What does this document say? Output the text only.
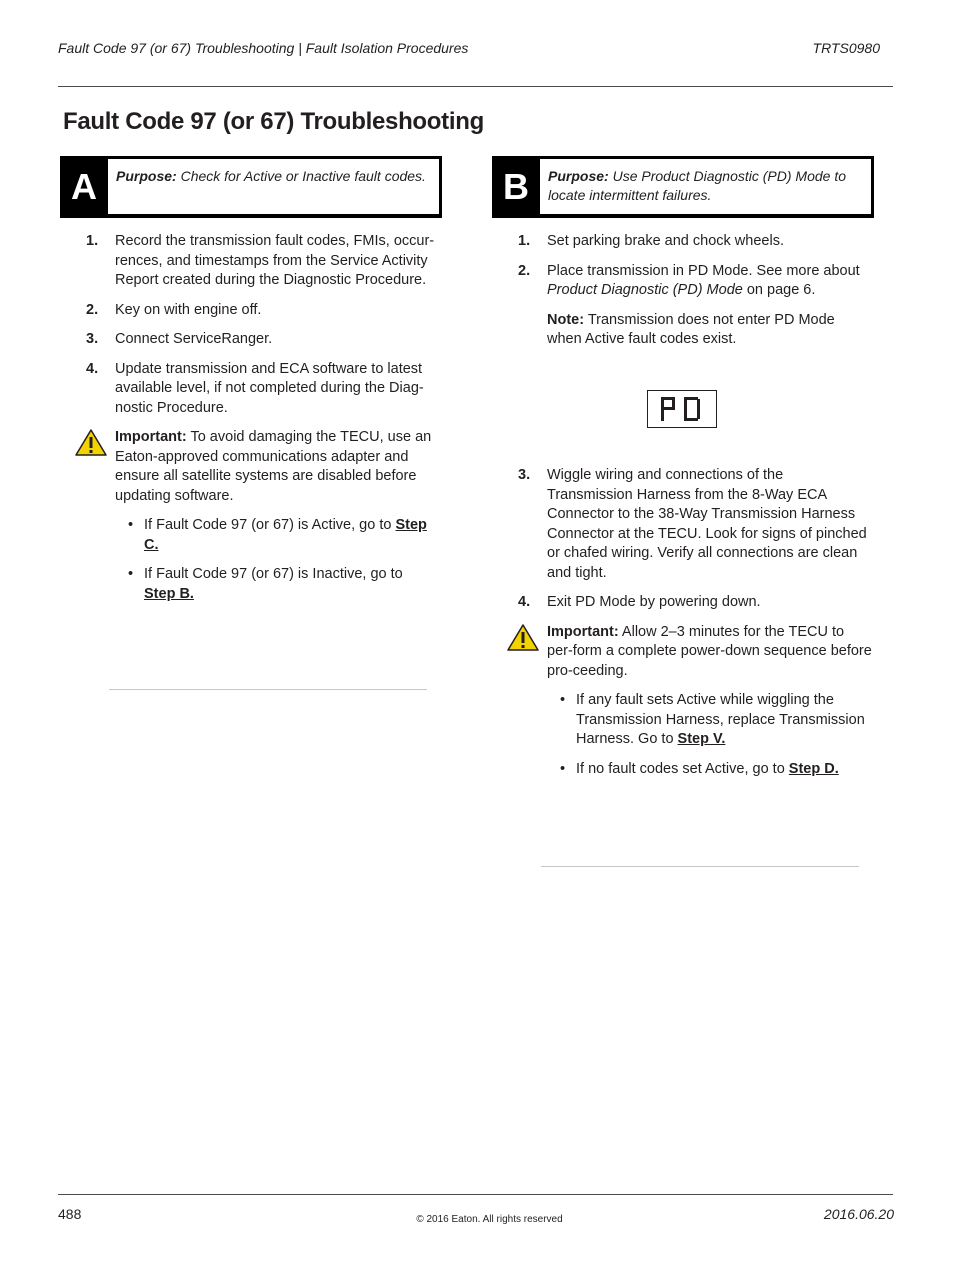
Fault Code 97 (or 67) Troubleshooting | Fault Isolation Procedures	TRTS0980
Fault Code 97 (or 67) Troubleshooting
A	Purpose: Check for Active or Inactive fault codes.
1. Record the transmission fault codes, FMIs, occur-rences, and timestamps from the Service Activity Report created during the Diagnostic Procedure.
2. Key on with engine off.
3. Connect ServiceRanger.
4. Update transmission and ECA software to latest available level, if not completed during the Diag-nostic Procedure.
Important: To avoid damaging the TECU, use an Eaton-approved communications adapter and ensure all satellite systems are disabled before updating software.
• If Fault Code 97 (or 67) is Active, go to Step C.
• If Fault Code 97 (or 67) is Inactive, go to Step B.
B	Purpose: Use Product Diagnostic (PD) Mode to locate intermittent failures.
1. Set parking brake and chock wheels.
2. Place transmission in PD Mode. See more about Product Diagnostic (PD) Mode on page 6.
Note: Transmission does not enter PD Mode when Active fault codes exist.
3. Wiggle wiring and connections of the Transmission Harness from the 8-Way ECA Connector to the 38-Way Transmission Harness Connector at the TECU. Look for signs of pinched or chafed wiring. Verify all connections are clean and tight.
4. Exit PD Mode by powering down.
Important: Allow 2–3 minutes for the TECU to per-form a complete power-down sequence before pro-ceeding.
• If any fault sets Active while wiggling the Transmission Harness, replace Transmission Harness. Go to Step V.
• If no fault codes set Active, go to Step D.
488	© 2016 Eaton. All rights reserved	2016.06.20
